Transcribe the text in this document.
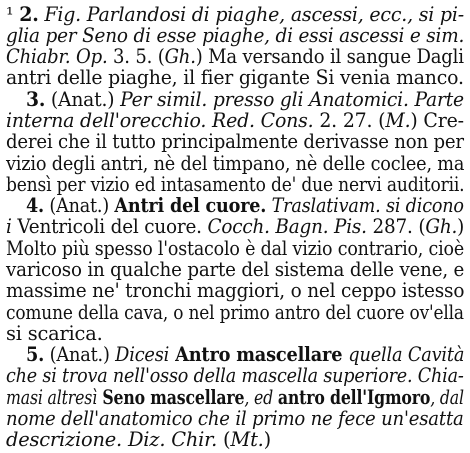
¹ 2. Fig. Parlandosi di piaghe, ascessi, ecc., si pi-
glia per Seno di esse piaghe, di essi ascessi e sim.
Chiabr. Op. 3. 5. (Gh.) Ma versando il sangue Dagli
antri delle piaghe, il fier gigante Si venia manco.
3. (Anat.) Per simil. presso gli Anatomici. Parte
interna dell'orecchio. Red. Cons. 2. 27. (M.) Cre-
derei che il tutto principalmente derivasse non per
vizio degli antri, nè del timpano, nè delle coclee, ma
bensì per vizio ed intasamento de' due nervi auditorii.
4. (Anat.) Antri del cuore. Traslativam. si dicono
i Ventricoli del cuore. Cocch. Bagn. Pis. 287. (Gh.)
Molto più spesso l'ostacolo è dal vizio contrario, cioè
varicoso in qualche parte del sistema delle vene, e
massime ne' tronchi maggiori, o nel ceppo istesso
comune della cava, o nel primo antro del cuore ov'ella
si scarica.
5. (Anat.) Dicesi Antro mascellare quella Cavità
che si trova nell'osso della mascella superiore. Chia-
masi altresì Seno mascellare, ed antro dell'Igmoro, dal
nome dell'anatomico che il primo ne fece un'esatta
descrizione. Diz. Chir. (Mt.)
